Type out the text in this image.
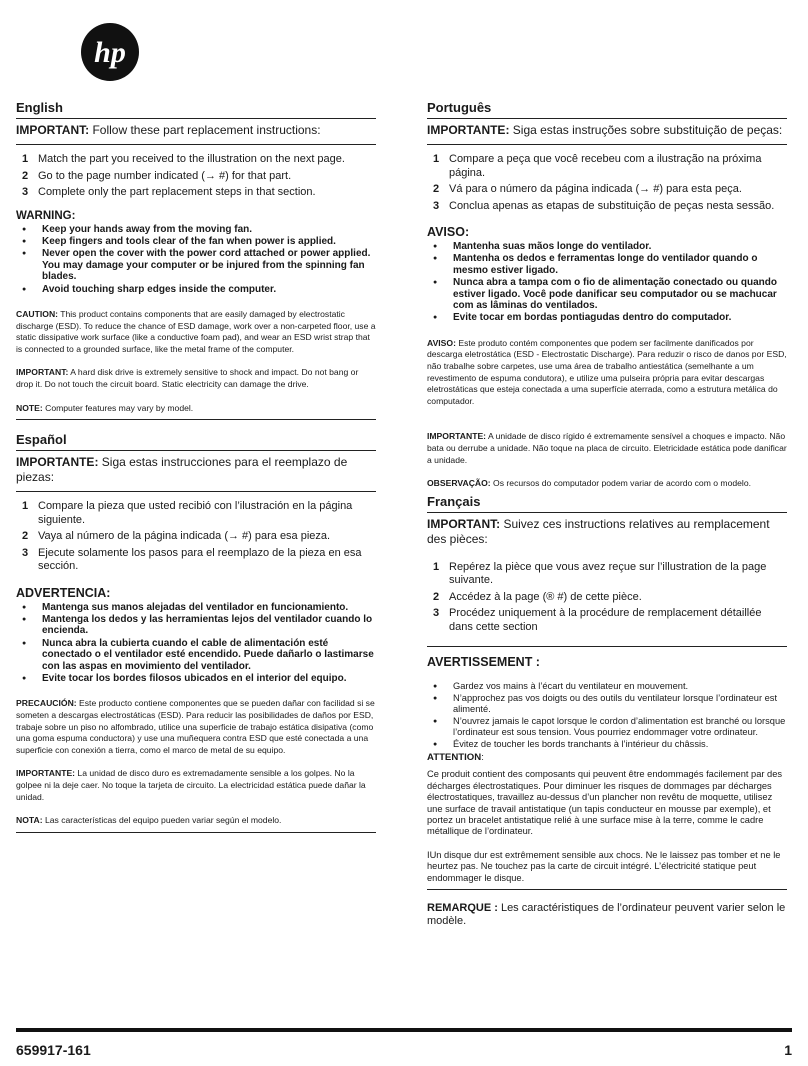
hp
English
IMPORTANT: Follow these part replacement instructions:
1 Match the part you received to the illustration on the next page.
2 Go to the page number indicated (→ #) for that part.
3 Complete only the part replacement steps in that section.
WARNING:
● Keep your hands away from the moving fan.
● Keep fingers and tools clear of the fan when power is applied.
● Never open the cover with the power cord attached or power applied. You may damage your computer or be injured from the spinning fan blades.
● Avoid touching sharp edges inside the computer.

CAUTION: This product contains components that are easily damaged by electrostatic discharge (ESD). To reduce the chance of ESD damage, work over a non-carpeted floor, use a static dissipative work surface (like a conductive foam pad), and wear an ESD wrist strap that is connected to a grounded surface, like the metal frame of the computer.

IMPORTANT: A hard disk drive is extremely sensitive to shock and impact. Do not bang or drop it. Do not touch the circuit board. Static electricity can damage the drive.

NOTE: Computer features may vary by model.

Español
IMPORTANTE: Siga estas instrucciones para el reemplazo de piezas:
1 Compare la pieza que usted recibió con l’ilustración en la página siguiente.
2 Vaya al número de la página indicada (→ #) para esa pieza.
3 Ejecute solamente los pasos para el reemplazo de la pieza en esa sección.
ADVERTENCIA:
● Mantenga sus manos alejadas del ventilador en funcionamiento.
● Mantenga los dedos y las herramientas lejos del ventilador cuando lo encienda.
● Nunca abra la cubierta cuando el cable de alimentación esté conectado o el ventilador esté encendido. Puede dañarlo o lastimarse con las aspas en movimiento del ventilador.
● Evite tocar los bordes filosos ubicados en el interior del equipo.

PRECAUCIÓN: Este producto contiene componentes que se pueden dañar con facilidad si se someten a descargas electrostáticas (ESD). Para reducir las posibilidades de daños por ESD, trabaje sobre un piso no alfombrado, utilice una superficie de trabajo estática disipativa (como una goma espuma conductora) y use una muñequera contra ESD que esté conectada a una superficie con conexión a tierra, como el marco de metal de su equipo.

IMPORTANTE: La unidad de disco duro es extremadamente sensible a los golpes. No la golpee ni la deje caer. No toque la tarjeta de circuito. La electricidad estática puede dañar la unidad.

NOTA: Las características del equipo pueden variar según el modelo.

Português
IMPORTANTE: Siga estas instruções sobre substituição de peças:
1 Compare a peça que você recebeu com a ilustração na próxima página.
2 Vá para o número da página indicada (→ #) para esta peça.
3 Conclua apenas as etapas de substituição de peças nesta sessão.
AVISO:
● Mantenha suas mãos longe do ventilador.
● Mantenha os dedos e ferramentas longe do ventilador quando o mesmo estiver ligado.
● Nunca abra a tampa com o fio de alimentação conectado ou quando estiver ligado. Você pode danificar seu computador ou se machucar com as lâminas do ventilados.
● Evite tocar em bordas pontiagudas dentro do computador.

AVISO: Este produto contém componentes que podem ser facilmente danificados por descarga eletrostática (ESD - Electrostatic Discharge). Para reduzir o risco de danos por ESD, não trabalhe sobre carpetes, use uma área de trabalho antiestática (semelhante a um revestimento de espuma condutora), e utilize uma pulseira própria para evitar descargas eletrostáticas que esteja conectada a uma superfície aterrada, como a estrutura metálica do computador.

IMPORTANTE: A unidade de disco rígido é extremamente sensível a choques e impacto. Não bata ou derrube a unidade. Não toque na placa de circuito. Eletricidade estática pode danificar a unidade.

OBSERVAÇÃO: Os recursos do computador podem variar de acordo com o modelo.

Français
IMPORTANT: Suivez ces instructions relatives au remplacement des pièces:
1 Repérez la pièce que vous avez reçue sur l’illustration de la page suivante.
2 Accédez à la page (® #) de cette pièce.
3 Procédez uniquement à la procédure de remplacement détaillée dans cette section
AVERTISSEMENT :
● Gardez vos mains à l’écart du ventilateur en mouvement.
● N’approchez pas vos doigts ou des outils du ventilateur lorsque l’ordinateur est alimenté.
● N’ouvrez jamais le capot lorsque le cordon d’alimentation est branché ou lorsque l’ordinateur est sous tension. Vous pourriez endommager votre ordinateur.
● Évitez de toucher les bords tranchants à l’intérieur du châssis.
ATTENTION:

Ce produit contient des composants qui peuvent être endommagés facilement par des décharges électrostatiques. Pour diminuer les risques de dommages par décharges électrostatiques, travaillez au-dessus d’un plancher non revêtu de moquette, utilisez une surface de travail antistatique (un tapis conducteur en mousse par exemple), et portez un bracelet antistatique relié à une surface mise à la terre, comme le cadre métallique de l’ordinateur.

IUn disque dur est extrêmement sensible aux chocs. Ne le laissez pas tomber et ne le heurtez pas. Ne touchez pas la carte de circuit intégré. L’électricité statique peut endommager le disque.

REMARQUE : Les caractéristiques de l’ordinateur peuvent varier selon le modèle.

659917-161	1
